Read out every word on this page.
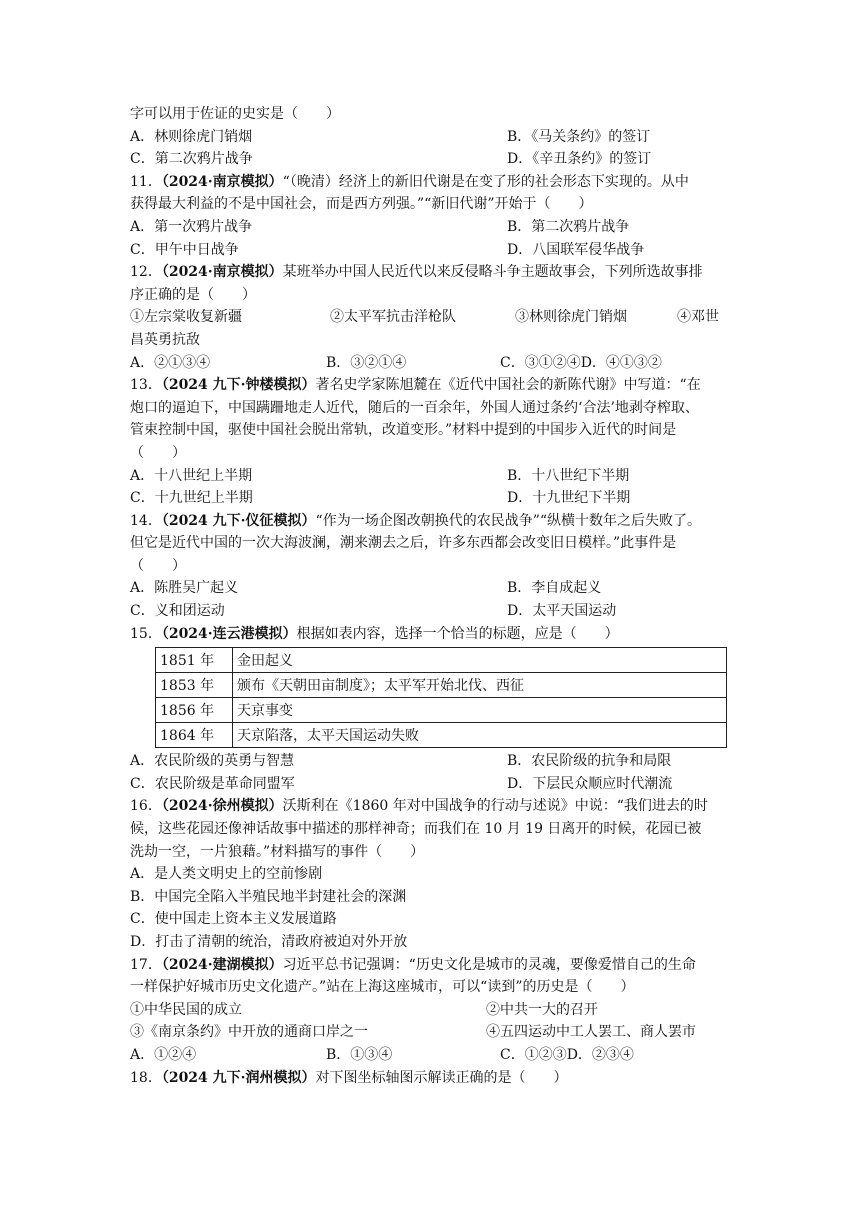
字可以用于佐证的史实是（　　）
A．林则徐虎门销烟	B．《马关条约》的签订
C．第二次鸦片战争	D．《辛丑条约》的签订
11．（2024·南京模拟）“（晚清）经济上的新旧代谢是在变了形的社会形态下实现的。从中
获得最大利益的不是中国社会，而是西方列强。”“新旧代谢”开始于（　　）
A．第一次鸦片战争	B．第二次鸦片战争
C．甲午中日战争	D．八国联军侵华战争
12．（2024·南京模拟）某班举办中国人民近代以来反侵略斗争主题故事会，下列所选故事排
序正确的是（　　）
①左宗棠收复新疆	②太平军抗击洋枪队	③林则徐虎门销烟	④邓世
昌英勇抗敌
A．②①③④	B．③②①④	C．③①②④D．④①③②
13．（2024 九下·钟楼模拟）著名史学家陈旭麓在《近代中国社会的新陈代谢》中写道：“在
炮口的逼迫下，中国蹒跚地走人近代，随后的一百余年，外国人通过条约‘合法’地剥夺榨取、
管束控制中国，驱使中国社会脱出常轨，改道变形。”材料中提到的中国步入近代的时间是
（　　）
A．十八世纪上半期	B．十八世纪下半期
C．十九世纪上半期	D．十九世纪下半期
14．（2024 九下·仪征模拟）“作为一场企图改朝换代的农民战争”“纵横十数年之后失败了。
但它是近代中国的一次大海波澜，潮来潮去之后，许多东西都会改变旧日模样。”此事件是
（　　）
A．陈胜吴广起义	B．李自成起义
C．义和团运动	D．太平天国运动
15．（2024·连云港模拟）根据如表内容，选择一个恰当的标题，应是（　　）
1851 年	金田起义
1853 年	颁布《天朝田亩制度》；太平军开始北伐、西征
1856 年	天京事变
1864 年	天京陷落，太平天国运动失败
A．农民阶级的英勇与智慧	B．农民阶级的抗争和局限
C．农民阶级是革命同盟军	D．下层民众顺应时代潮流
16．（2024·徐州模拟）沃斯利在《1860 年对中国战争的行动与述说》中说：“我们进去的时
候，这些花园还像神话故事中描述的那样神奇；而我们在 10 月 19 日离开的时候，花园已被
洗劫一空，一片狼藉。”材料描写的事件（　　）
A．是人类文明史上的空前惨剧
B．中国完全陷入半殖民地半封建社会的深渊
C．使中国走上资本主义发展道路
D．打击了清朝的统治，清政府被迫对外开放
17．（2024·建湖模拟）习近平总书记强调：“历史文化是城市的灵魂，要像爱惜自己的生命
一样保护好城市历史文化遗产。”站在上海这座城市，可以“读到”的历史是（　　）
①中华民国的成立	②中共一大的召开
③《南京条约》中开放的通商口岸之一	④五四运动中工人罢工、商人罢市
A．①②④	B．①③④	C．①②③D．②③④
18．（2024 九下·润州模拟）对下图坐标轴图示解读正确的是（　　）
